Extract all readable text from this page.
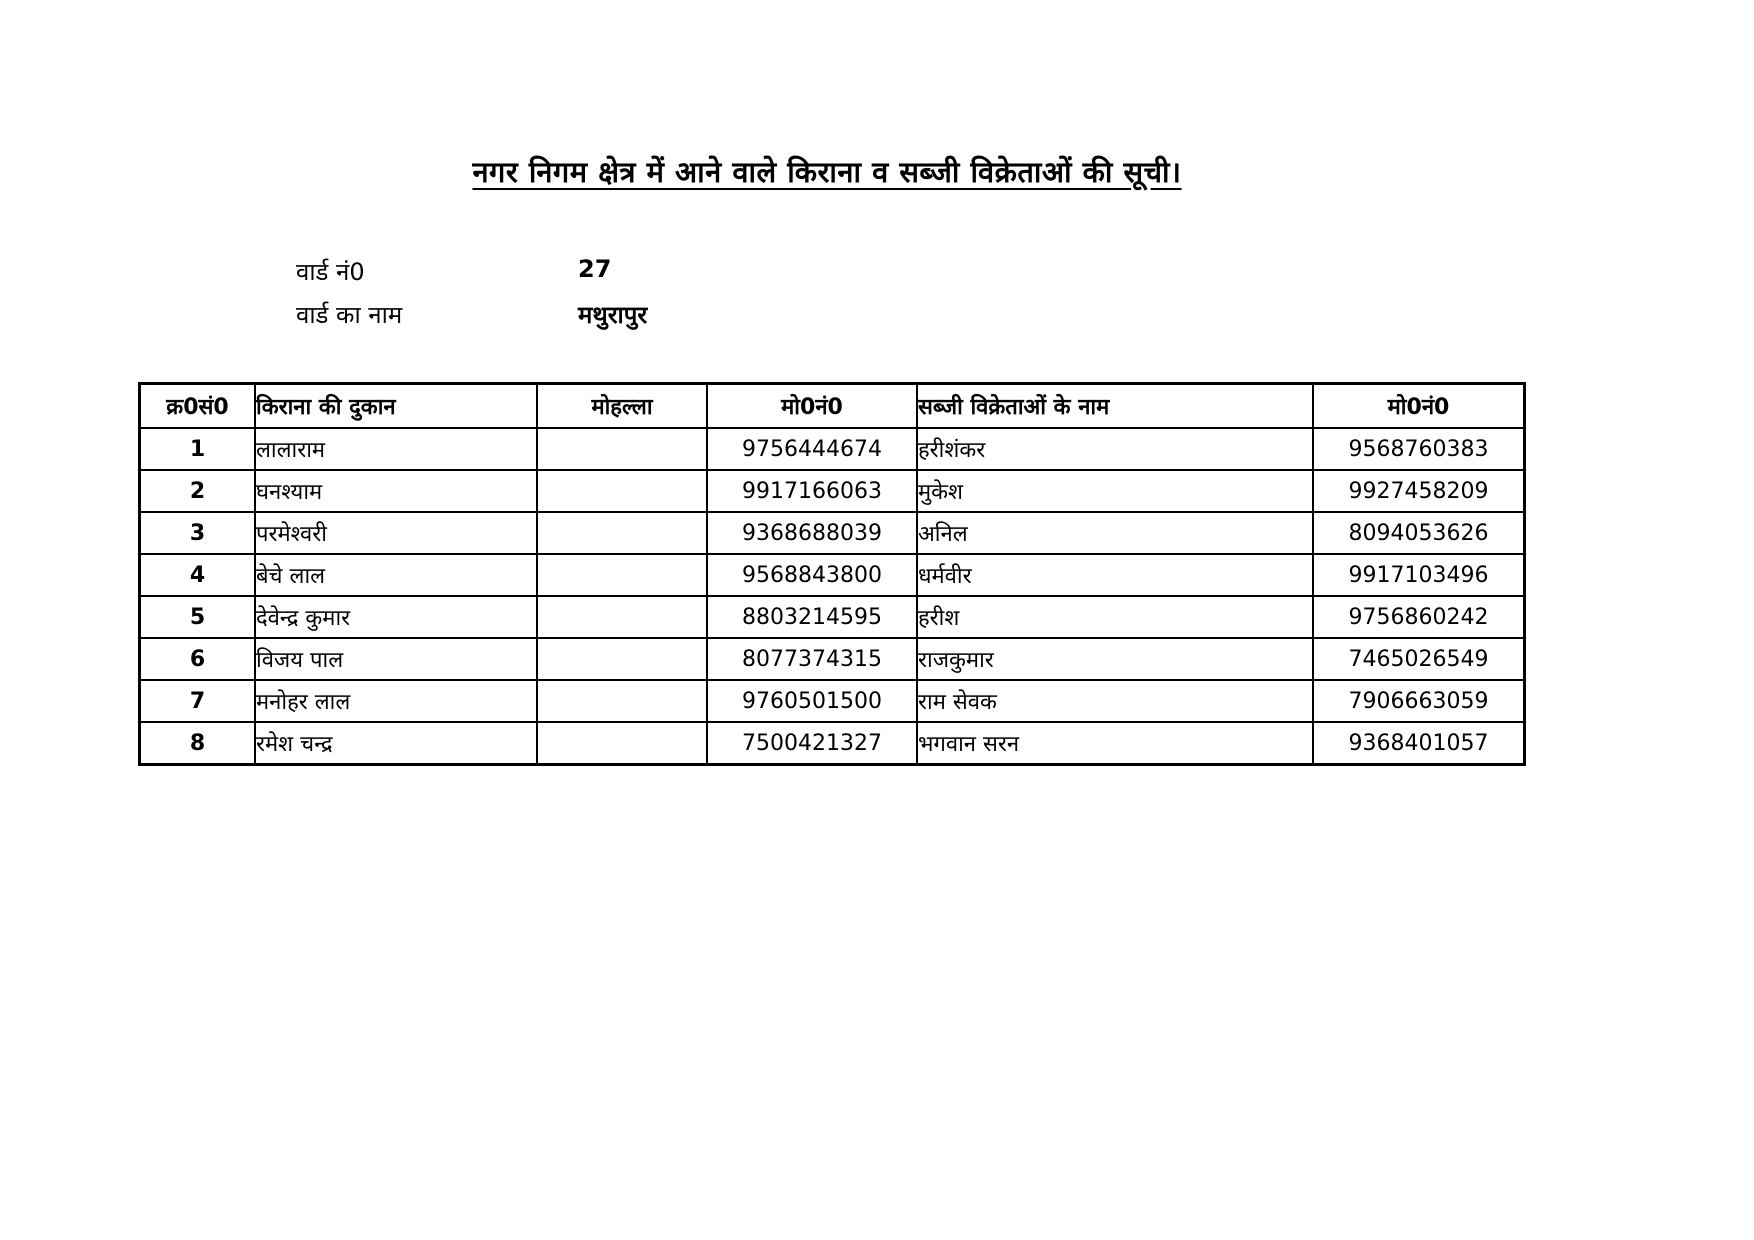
नगर निगम क्षेत्र में आने वाले किराना व सब्जी विक्रेताओं की सूची।
वार्ड नं0	27
वार्ड का नाम	मथुरापुर
क्र0सं0	किराना की दुकान	मोहल्ला	मो0नं0	सब्जी विक्रेताओं के नाम	मो0नं0
1	लालाराम		9756444674	हरीशंकर	9568760383
2	घनश्याम		9917166063	मुकेश	9927458209
3	परमेश्वरी		9368688039	अनिल	8094053626
4	बेचे लाल		9568843800	धर्मवीर	9917103496
5	देवेन्द्र कुमार		8803214595	हरीश	9756860242
6	विजय पाल		8077374315	राजकुमार	7465026549
7	मनोहर लाल		9760501500	राम सेवक	7906663059
8	रमेश चन्द्र		7500421327	भगवान सरन	9368401057
